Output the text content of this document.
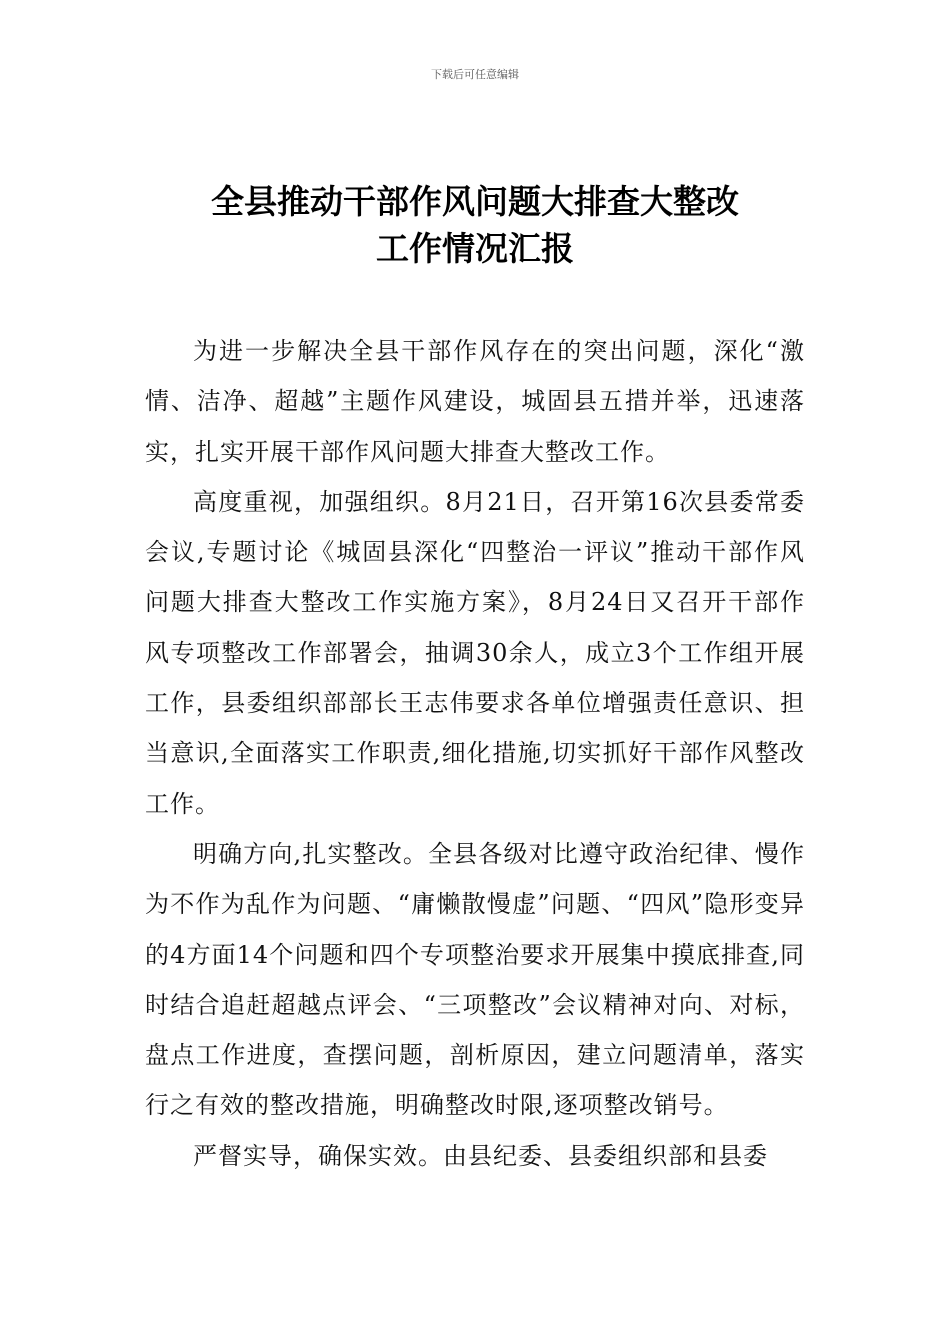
下载后可任意编辑
全县推动干部作风问题大排查大整改
工作情况汇报

为进一步解决全县干部作风存在的突出问题，深化“激情、洁净、超越”主题作风建设，城固县五措并举，迅速落实，扎实开展干部作风问题大排查大整改工作。

高度重视，加强组织。8月21日，召开第16次县委常委会议,专题讨论《城固县深化“四整治一评议”推动干部作风问题大排查大整改工作实施方案》，8月24日又召开干部作风专项整改工作部署会，抽调30余人，成立3个工作组开展工作，县委组织部部长王志伟要求各单位增强责任意识、担当意识,全面落实工作职责,细化措施,切实抓好干部作风整改工作。

明确方向,扎实整改。全县各级对比遵守政治纪律、慢作为不作为乱作为问题、“庸懒散慢虚”问题、“四风”隐形变异的4方面14个问题和四个专项整治要求开展集中摸底排查,同时结合追赶超越点评会、“三项整改”会议精神对向、对标，盘点工作进度，查摆问题，剖析原因，建立问题清单，落实行之有效的整改措施，明确整改时限,逐项整改销号。

严督实导，确保实效。由县纪委、县委组织部和县委
